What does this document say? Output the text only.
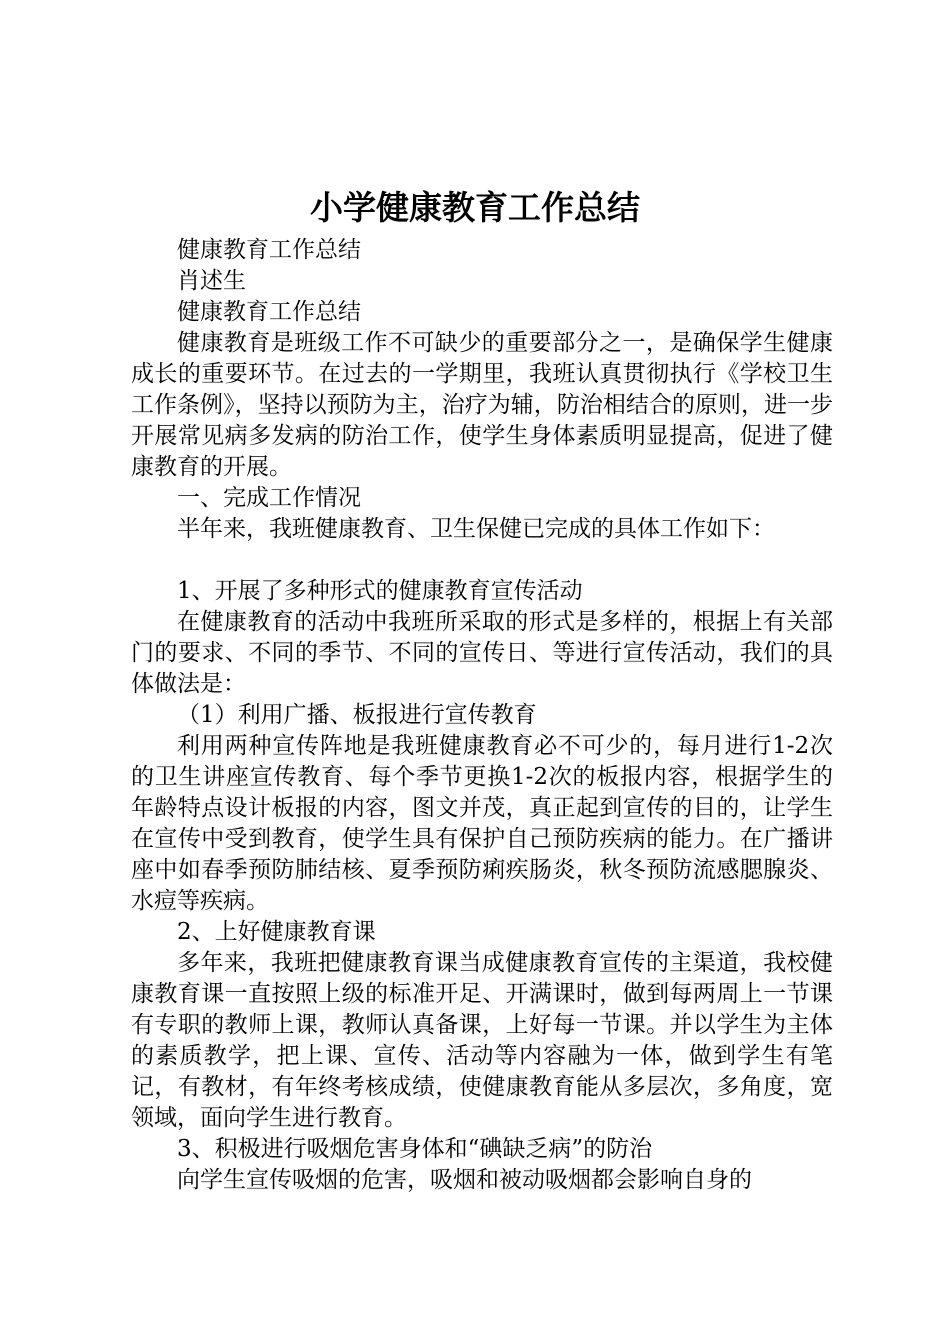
小学健康教育工作总结

健康教育工作总结

肖述生

健康教育工作总结

健康教育是班级工作不可缺少的重要部分之一，是确保学生健康成长的重要环节。在过去的一学期里，我班认真贯彻执行《学校卫生工作条例》，坚持以预防为主，治疗为辅，防治相结合的原则，进一步开展常见病多发病的防治工作，使学生身体素质明显提高，促进了健康教育的开展。

一、完成工作情况

半年来，我班健康教育、卫生保健已完成的具体工作如下：

1、开展了多种形式的健康教育宣传活动

在健康教育的活动中我班所采取的形式是多样的，根据上有关部门的要求、不同的季节、不同的宣传日、等进行宣传活动，我们的具体做法是：

（1）利用广播、板报进行宣传教育

利用两种宣传阵地是我班健康教育必不可少的，每月进行1-2次的卫生讲座宣传教育、每个季节更换1-2次的板报内容，根据学生的年龄特点设计板报的内容，图文并茂，真正起到宣传的目的，让学生在宣传中受到教育，使学生具有保护自己预防疾病的能力。在广播讲座中如春季预防肺结核、夏季预防痢疾肠炎，秋冬预防流感腮腺炎、水痘等疾病。

2、上好健康教育课

多年来，我班把健康教育课当成健康教育宣传的主渠道，我校健康教育课一直按照上级的标准开足、开满课时，做到每两周上一节课有专职的教师上课，教师认真备课，上好每一节课。并以学生为主体的素质教学，把上课、宣传、活动等内容融为一体，做到学生有笔记，有教材，有年终考核成绩，使健康教育能从多层次，多角度，宽领域，面向学生进行教育。

3、积极进行吸烟危害身体和“碘缺乏病”的防治

向学生宣传吸烟的危害，吸烟和被动吸烟都会影响自身的
